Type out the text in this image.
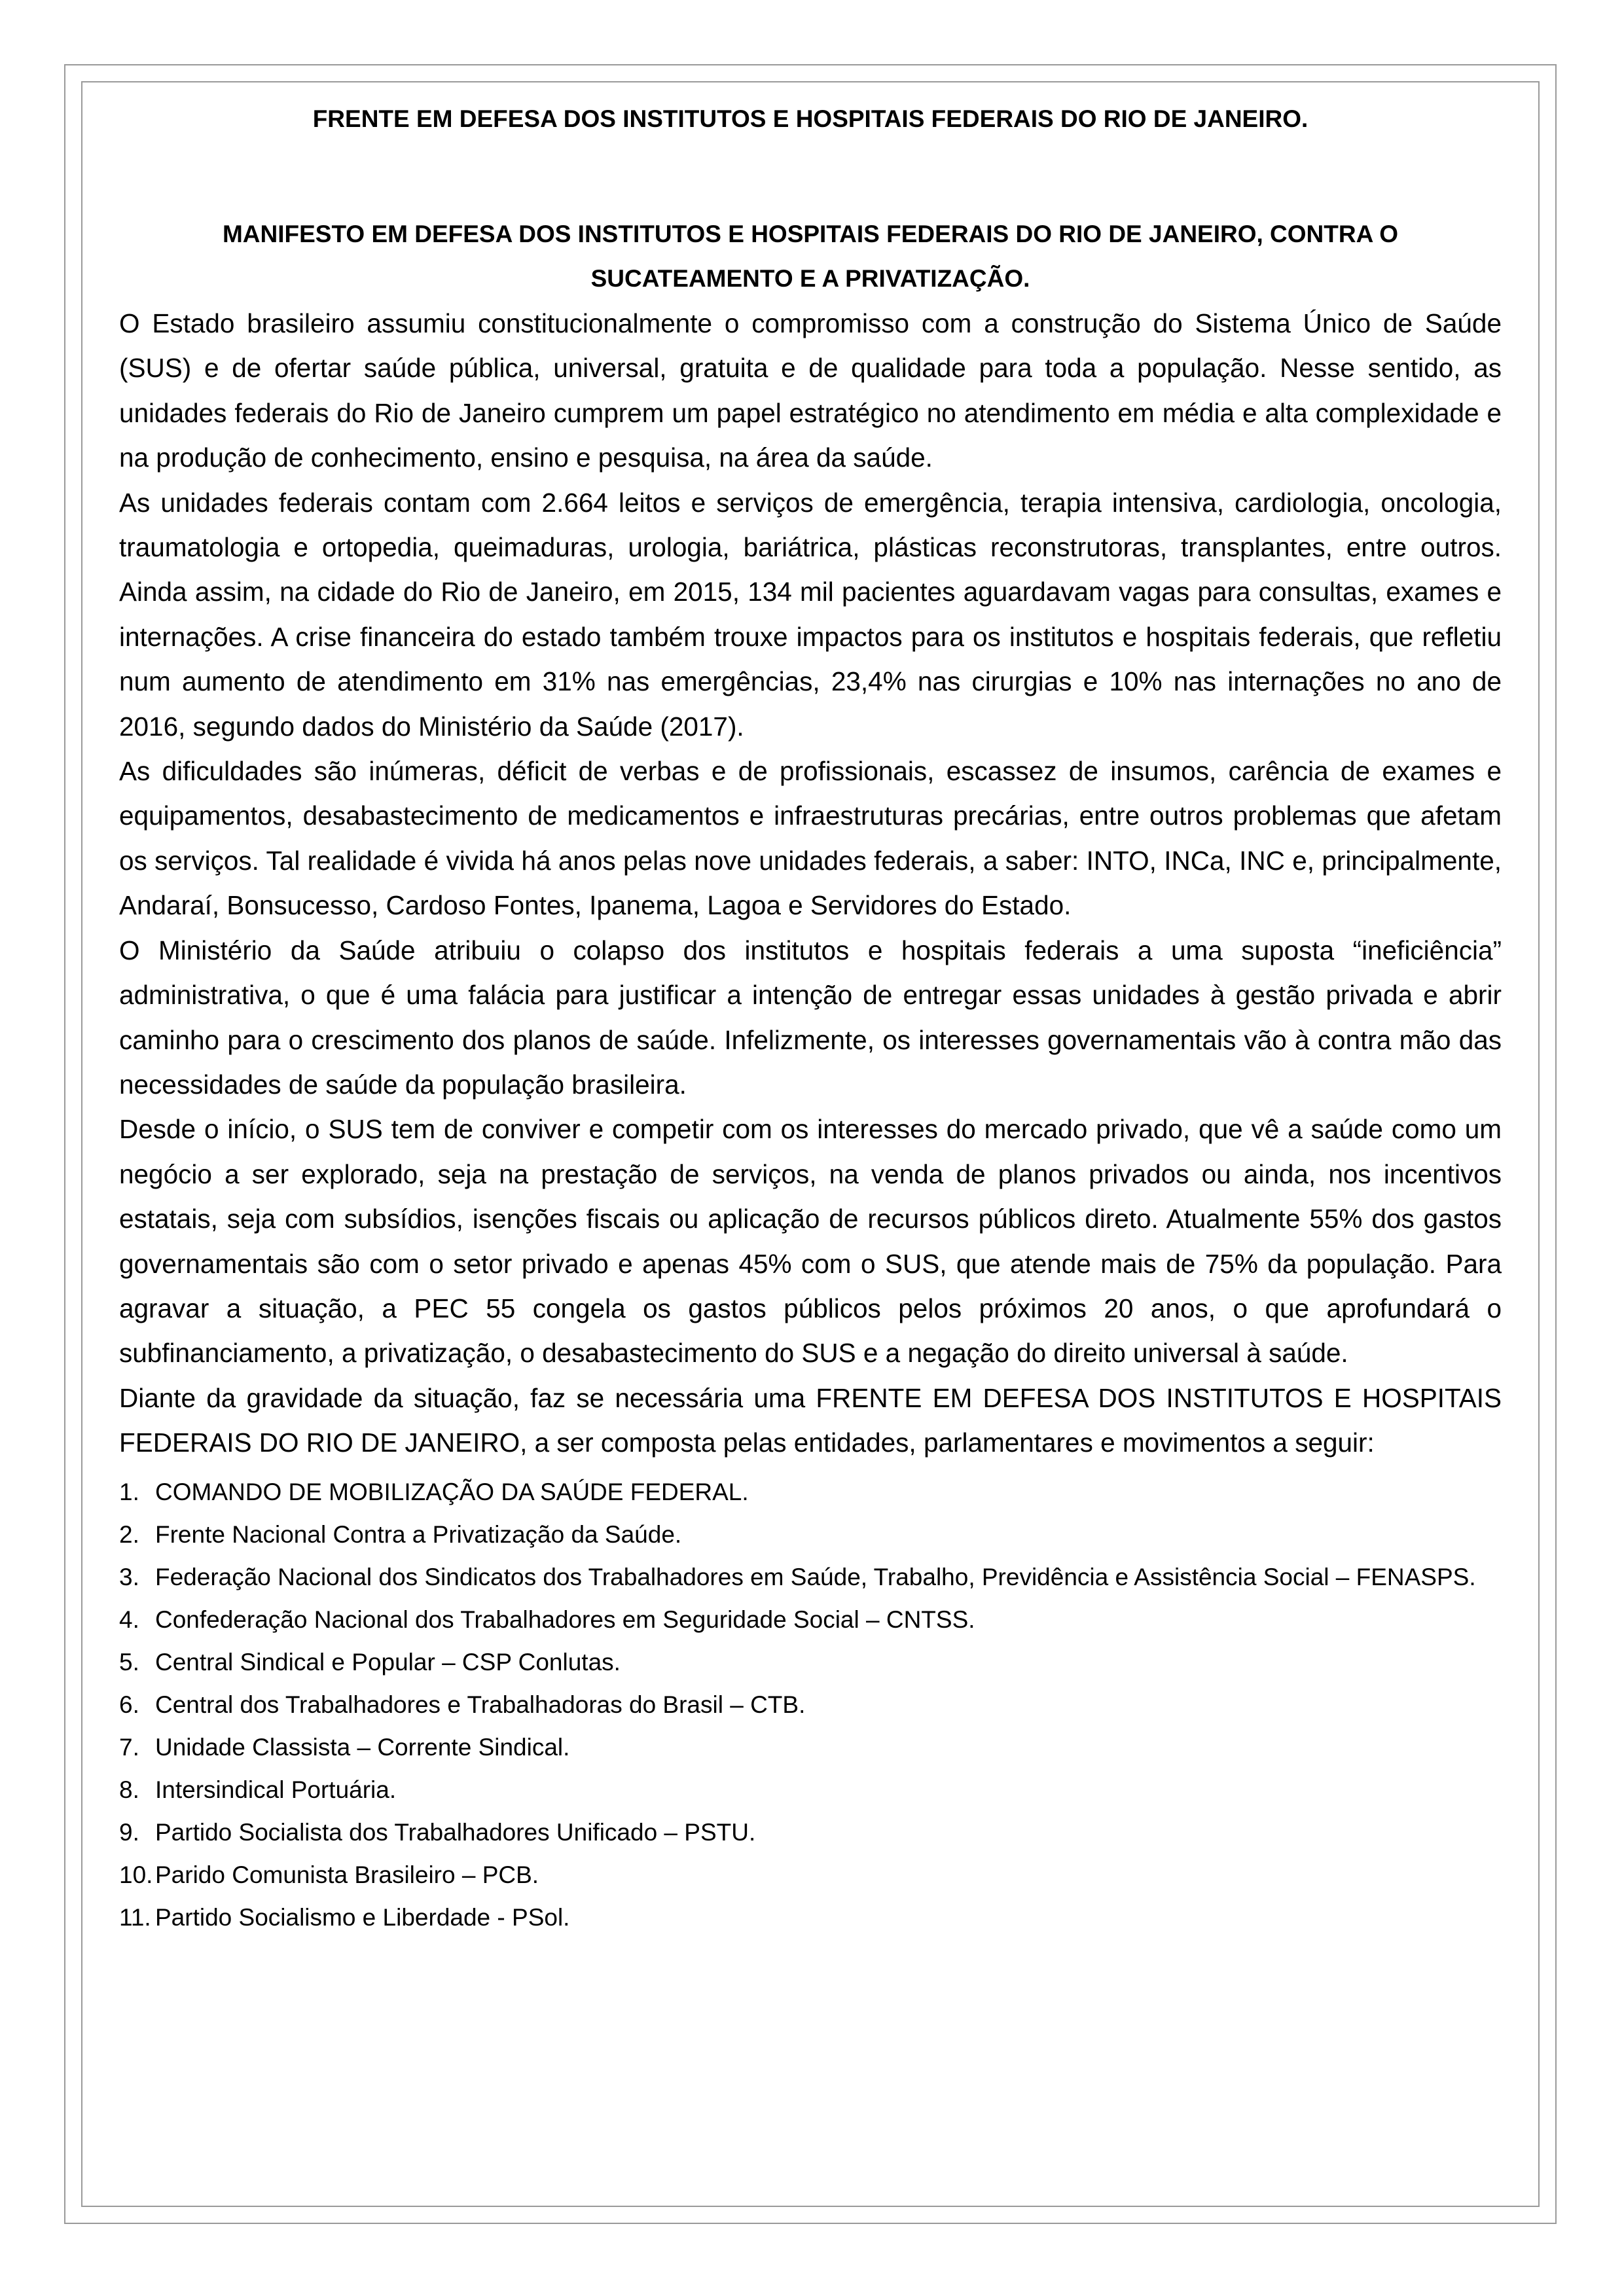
FRENTE EM DEFESA DOS INSTITUTOS E HOSPITAIS FEDERAIS DO RIO DE JANEIRO.

MANIFESTO EM DEFESA DOS INSTITUTOS E HOSPITAIS FEDERAIS DO RIO DE JANEIRO, CONTRA O SUCATEAMENTO E A PRIVATIZAÇÃO.

O Estado brasileiro assumiu constitucionalmente o compromisso com a construção do Sistema Único de Saúde (SUS) e de ofertar saúde pública, universal, gratuita e de qualidade para toda a população. Nesse sentido, as unidades federais do Rio de Janeiro cumprem um papel estratégico no atendimento em média e alta complexidade e na produção de conhecimento, ensino e pesquisa, na área da saúde.

As unidades federais contam com 2.664 leitos e serviços de emergência, terapia intensiva, cardiologia, oncologia, traumatologia e ortopedia, queimaduras, urologia, bariátrica, plásticas reconstrutoras, transplantes, entre outros. Ainda assim, na cidade do Rio de Janeiro, em 2015, 134 mil pacientes aguardavam vagas para consultas, exames e internações. A crise financeira do estado também trouxe impactos para os institutos e hospitais federais, que refletiu num aumento de atendimento em 31% nas emergências, 23,4% nas cirurgias e 10% nas internações no ano de 2016, segundo dados do Ministério da Saúde (2017).

As dificuldades são inúmeras, déficit de verbas e de profissionais, escassez de insumos, carência de exames e equipamentos, desabastecimento de medicamentos e infraestruturas precárias, entre outros problemas que afetam os serviços. Tal realidade é vivida há anos pelas nove unidades federais, a saber: INTO, INCa, INC e, principalmente, Andaraí, Bonsucesso, Cardoso Fontes, Ipanema, Lagoa e Servidores do Estado.

O Ministério da Saúde atribuiu o colapso dos institutos e hospitais federais a uma suposta “ineficiência” administrativa, o que é uma falácia para justificar a intenção de entregar essas unidades à gestão privada e abrir caminho para o crescimento dos planos de saúde. Infelizmente, os interesses governamentais vão à contra mão das necessidades de saúde da população brasileira.

Desde o início, o SUS tem de conviver e competir com os interesses do mercado privado, que vê a saúde como um negócio a ser explorado, seja na prestação de serviços, na venda de planos privados ou ainda, nos incentivos estatais, seja com subsídios, isenções fiscais ou aplicação de recursos públicos direto. Atualmente 55% dos gastos governamentais são com o setor privado e apenas 45% com o SUS, que atende mais de 75% da população. Para agravar a situação, a PEC 55 congela os gastos públicos pelos próximos 20 anos, o que aprofundará o subfinanciamento, a privatização, o desabastecimento do SUS e a negação do direito universal à saúde.

Diante da gravidade da situação, faz se necessária uma FRENTE EM DEFESA DOS INSTITUTOS E HOSPITAIS FEDERAIS DO RIO DE JANEIRO, a ser composta pelas entidades, parlamentares e movimentos a seguir:

1. COMANDO DE MOBILIZAÇÃO DA SAÚDE FEDERAL.
2. Frente Nacional Contra a Privatização da Saúde.
3. Federação Nacional dos Sindicatos dos Trabalhadores em Saúde, Trabalho, Previdência e Assistência Social – FENASPS.
4. Confederação Nacional dos Trabalhadores em Seguridade Social – CNTSS.
5. Central Sindical e Popular – CSP Conlutas.
6. Central dos Trabalhadores e Trabalhadoras do Brasil – CTB.
7. Unidade Classista – Corrente Sindical.
8. Intersindical Portuária.
9. Partido Socialista dos Trabalhadores Unificado – PSTU.
10.Parido Comunista Brasileiro – PCB.
11. Partido Socialismo e Liberdade - PSol.
